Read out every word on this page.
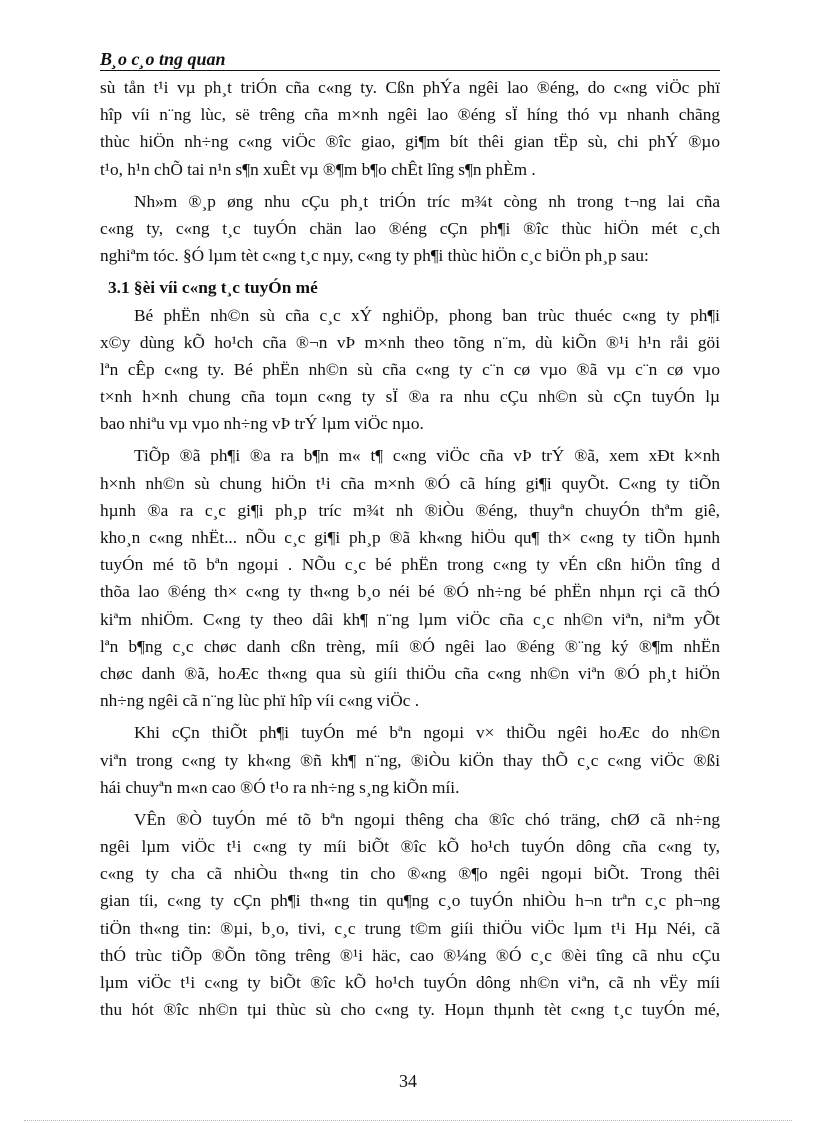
B¸o c¸o tng quan
sù tån t¹i vµ ph¸t triÓn cña c«ng ty. Cßn phÝa ngêi lao ®éng, do c«ng viÖc phï
hîp víi n¨ng lùc, së trêng cña m×nh ngêi lao ®éng sÏ híng thó vµ nhanh chãng
thùc hiÖn nh÷ng c«ng viÖc ®îc giao, gi¶m bít thêi gian tËp sù, chi phÝ ®µo
t¹o, h¹n chÕ tai n¹n s¶n xuÊt vµ ®¶m b¶o chÊt lîng s¶n phÈm .
Nh»m ®¸p øng nhu cÇu ph¸t triÓn tríc m¾t còng nh trong t¬ng lai cña
c«ng ty, c«ng t¸c tuyÓn chän lao ®éng cÇn ph¶i ®îc thùc hiÖn mét c¸ch
nghiªm tóc. §Ó lµm tèt c«ng t¸c nµy, c«ng ty ph¶i thùc hiÖn c¸c biÖn ph¸p sau:
3.1 §èi víi c«ng t¸c tuyÓn mé
Bé phËn nh©n sù cña c¸c xÝ nghiÖp, phong ban trùc thuéc c«ng ty ph¶i
x©y dùng kÕ ho¹ch cña ®¬n vÞ m×nh theo tõng n¨m, dù kiÕn ®¹i h¹n råi göi
lªn cÊp c«ng ty. Bé phËn nh©n sù cña c«ng ty c¨n cø vµo ®ã vµ c¨n cø vµo
t×nh h×nh chung cña toµn c«ng ty sÏ ®a ra nhu cÇu nh©n sù cÇn tuyÓn lµ
bao nhiªu vµ vµo nh÷ng vÞ trÝ lµm viÖc nµo.
TiÕp ®ã ph¶i ®a ra b¶n m« t¶ c«ng viÖc cña vÞ trÝ ®ã, xem xÐt k×nh
h×nh nh©n sù chung hiÖn t¹i cña m×nh ®Ó cã híng gi¶i quyÕt. C«ng ty tiÕn
hµnh ®a ra c¸c gi¶i ph¸p tríc m¾t nh ®iÒu ®éng, thuyªn chuyÓn thªm giê,
kho¸n c«ng nhËt... nÕu c¸c gi¶i ph¸p ®ã kh«ng hiÖu qu¶ th× c«ng ty tiÕn hµnh
tuyÓn mé tõ bªn ngoµi . NÕu c¸c bé phËn trong c«ng ty vÉn cßn hiÖn tîng d
thõa lao ®éng th× c«ng ty th«ng b¸o néi bé ®Ó nh÷ng bé phËn nhµn rçi cã thÓ
kiªm nhiÖm. C«ng ty theo dâi kh¶ n¨ng lµm viÖc cña c¸c nh©n viªn, niªm yÕt
lªn b¶ng c¸c chøc danh cßn trèng, míi ®Ó ngêi lao ®éng ®¨ng ký ®¶m nhËn
chøc danh ®ã, hoÆc th«ng qua sù giíi thiÖu cña c«ng nh©n viªn ®Ó ph¸t hiÖn
nh÷ng ngêi cã n¨ng lùc phï hîp víi c«ng viÖc .
Khi cÇn thiÕt ph¶i tuyÓn mé bªn ngoµi v× thiÕu ngêi hoÆc do nh©n
viªn trong c«ng ty kh«ng ®ñ kh¶ n¨ng, ®iÒu kiÖn thay thÕ c¸c c«ng viÖc ®ßi
hái chuyªn m«n cao ®Ó t¹o ra nh÷ng s¸ng kiÕn míi.
VÊn ®Ò tuyÓn mé tõ bªn ngoµi thêng cha ®îc chó träng, chØ cã nh÷ng
ngêi lµm viÖc t¹i c«ng ty míi biÕt ®îc kÕ ho¹ch tuyÓn dông cña c«ng ty,
c«ng ty cha cã nhiÒu th«ng tin cho ®«ng ®¶o ngêi ngoµi biÕt. Trong thêi
gian tíi, c«ng ty cÇn ph¶i th«ng tin qu¶ng c¸o tuyÓn nhiÒu h¬n trªn c¸c ph¬ng
tiÖn th«ng tin: ®µi, b¸o, tivi, c¸c trung t©m giíi thiÖu viÖc lµm t¹i Hµ Néi, cã
thÓ trùc tiÕp ®Õn tõng trêng ®¹i häc, cao ®¼ng ®Ó c¸c ®èi tîng cã nhu cÇu
lµm viÖc t¹i c«ng ty biÕt ®îc kÕ ho¹ch tuyÓn dông nh©n viªn, cã nh vËy míi
thu hót ®îc nh©n tµi thùc sù cho c«ng ty. Hoµn thµnh tèt c«ng t¸c tuyÓn mé,
34
